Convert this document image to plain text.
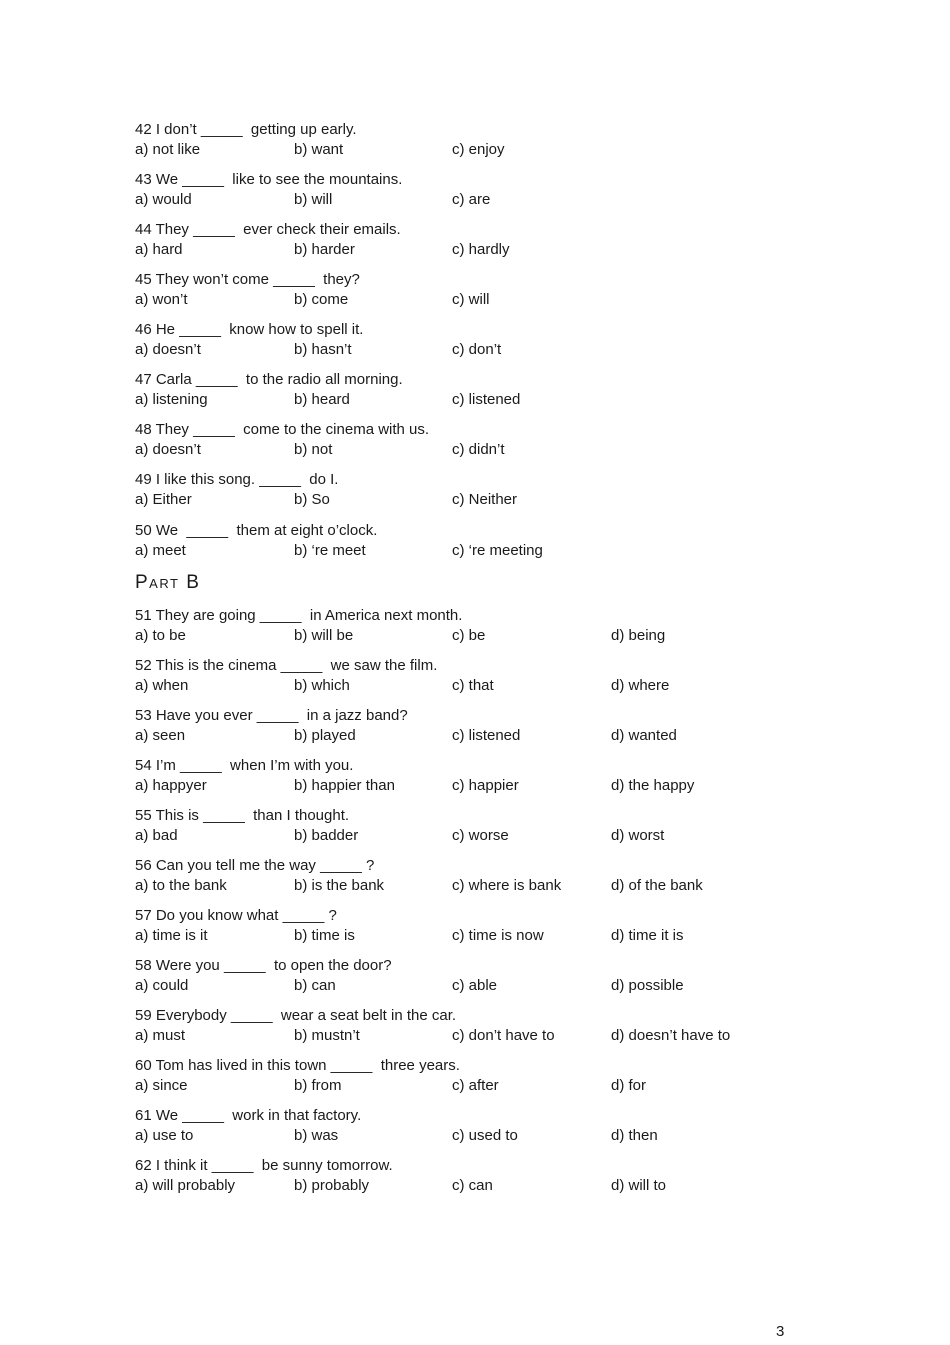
42 I don’t _____  getting up early.
a) not like	b) want	c) enjoy
43 We _____  like to see the mountains.
a) would	b) will	c) are
44 They _____  ever check their emails.
a) hard	b) harder	c) hardly
45 They won’t come _____  they?
a) won’t	b) come	c) will
46 He _____  know how to spell it.
a) doesn’t	b) hasn’t	c) don’t
47 Carla _____  to the radio all morning.
a) listening	b) heard	c) listened
48 They _____  come to the cinema with us.
a) doesn’t	b) not	c) didn’t
49 I like this song. _____  do I.
a) Either	b) So	c) Neither
50 We  _____  them at eight o’clock.
a) meet	b) ‘re meet	c) ‘re meeting
Part B
51 They are going _____  in America next month.
a) to be	b) will be	c) be	d) being
52 This is the cinema _____  we saw the film.
a) when	b) which	c) that	d) where
53 Have you ever _____  in a jazz band?
a) seen	b) played	c) listened	d) wanted
54 I’m _____  when I’m with you.
a) happyer	b) happier than	c) happier	d) the happy
55 This is _____  than I thought.
a) bad	b) badder	c) worse	d) worst
56 Can you tell me the way _____ ?
a) to the bank	b) is the bank	c) where is bank	d) of the bank
57 Do you know what _____ ?
a) time is it	b) time is	c) time is now	d) time it is
58 Were you _____  to open the door?
a) could	b) can	c) able	d) possible
59 Everybody _____  wear a seat belt in the car.
a) must	b) mustn’t	c) don’t have to	d) doesn’t have to
60 Tom has lived in this town _____  three years.
a) since	b) from	c) after	d) for
61 We _____  work in that factory.
a) use to	b) was	c) used to	d) then
62 I think it _____  be sunny tomorrow.
a) will probably	b) probably	c) can	d) will to
3
